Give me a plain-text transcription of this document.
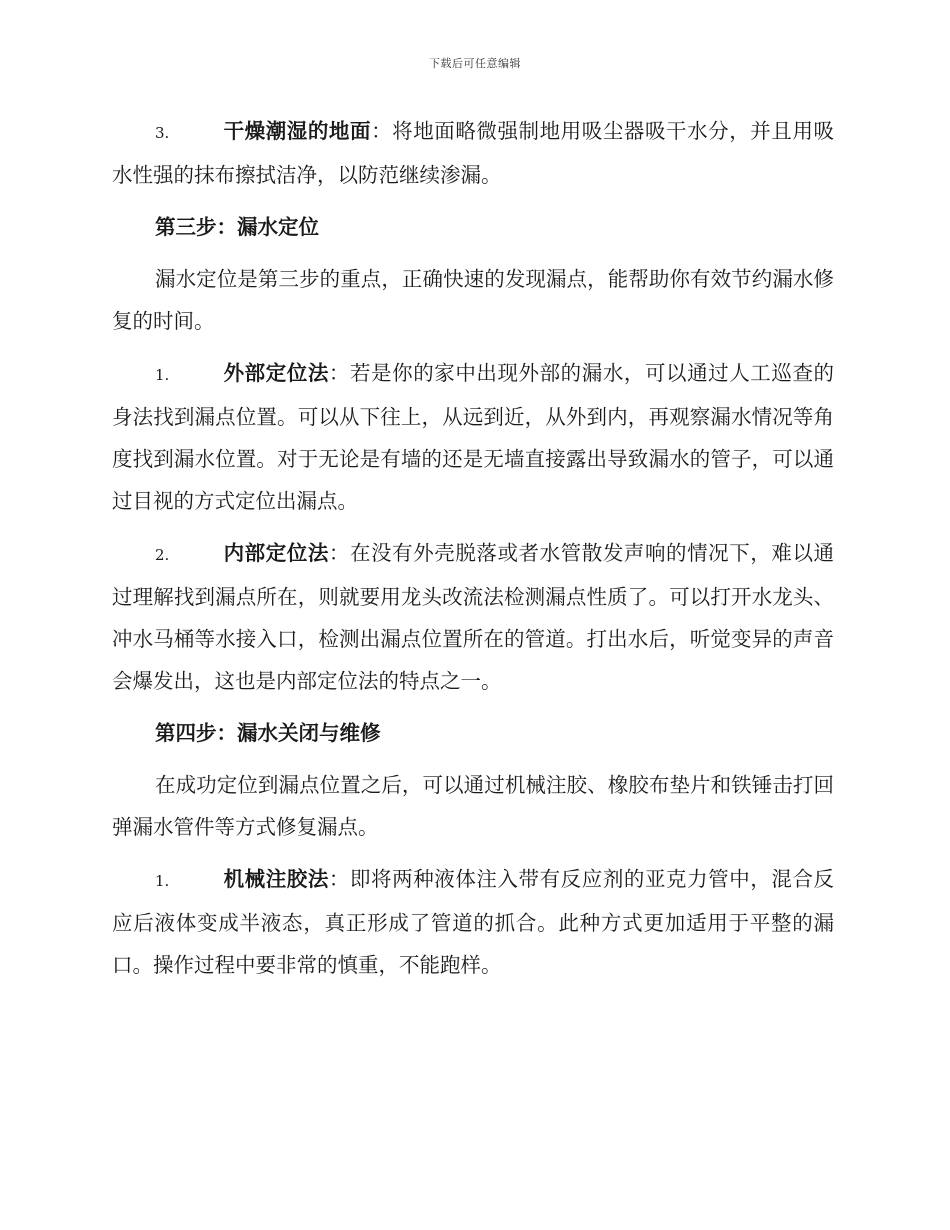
下载后可任意编辑

3.	干燥潮湿的地面：将地面略微强制地用吸尘器吸干水分，并且用吸水性强的抹布擦拭洁净，以防范继续渗漏。

第三步：漏水定位

漏水定位是第三步的重点，正确快速的发现漏点，能帮助你有效节约漏水修复的时间。

1.	外部定位法：若是你的家中出现外部的漏水，可以通过人工巡查的身法找到漏点位置。可以从下往上，从远到近，从外到内，再观察漏水情况等角度找到漏水位置。对于无论是有墙的还是无墙直接露出导致漏水的管子，可以通过目视的方式定位出漏点。

2.	内部定位法：在没有外壳脱落或者水管散发声响的情况下，难以通过理解找到漏点所在，则就要用龙头改流法检测漏点性质了。可以打开水龙头、冲水马桶等水接入口，检测出漏点位置所在的管道。打出水后，听觉变异的声音会爆发出，这也是内部定位法的特点之一。

第四步：漏水关闭与维修

在成功定位到漏点位置之后，可以通过机械注胶、橡胶布垫片和铁锤击打回弹漏水管件等方式修复漏点。

1.	机械注胶法：即将两种液体注入带有反应剂的亚克力管中，混合反应后液体变成半液态，真正形成了管道的抓合。此种方式更加适用于平整的漏口。操作过程中要非常的慎重，不能跑样。
